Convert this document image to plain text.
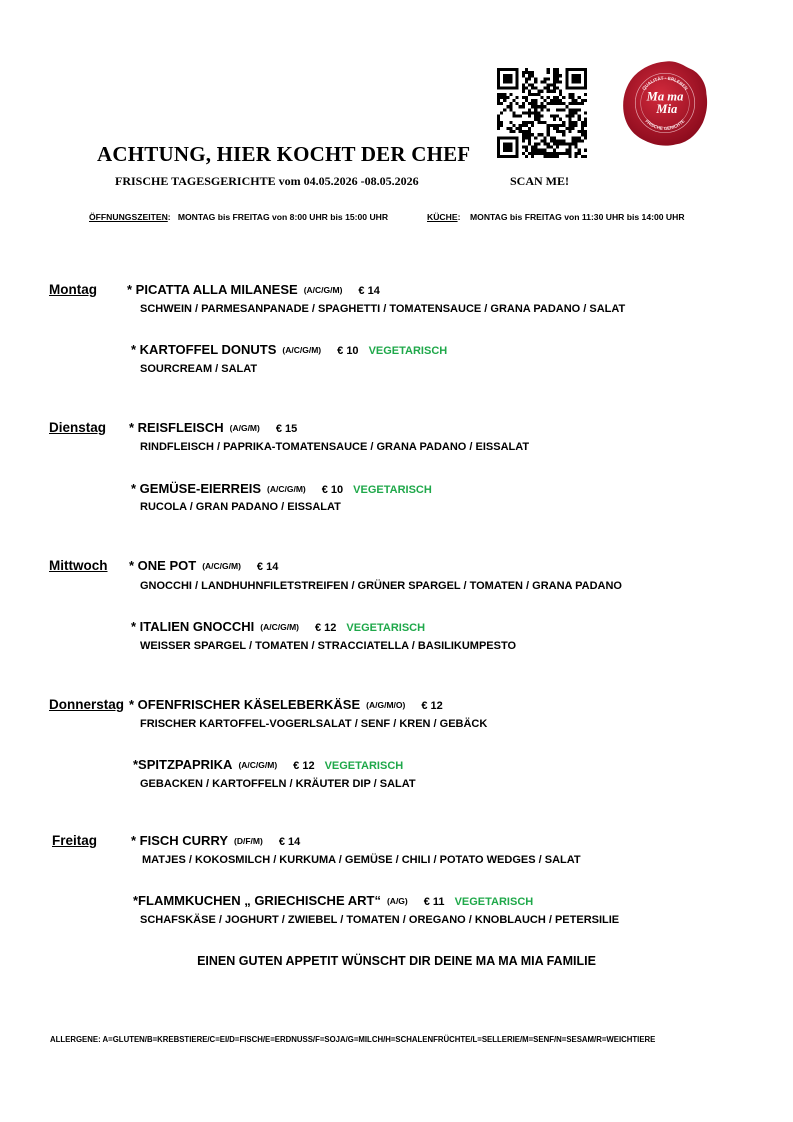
ACHTUNG, HIER KOCHT DER CHEF
FRISCHE TAGESGERICHTE vom 04.05.2026 -08.05.2026	SCAN ME!
QUALITÄT · ERLEBEN
Ma ma
Mia
FRISCHE GERICHTE
ÖFFNUNGSZEITEN:   MONTAG bis FREITAG von 8:00 UHR bis 15:00 UHR	KÜCHE:    MONTAG bis FREITAG von 11:30 UHR bis 14:00 UHR
Montag * PICATTA ALLA MILANESE (A/C/G/M) € 14
SCHWEIN / PARMESANPANADE / SPAGHETTI / TOMATENSAUCE / GRANA PADANO / SALAT
* KARTOFFEL DONUTS (A/C/G/M) € 10 VEGETARISCH
SOURCREAM / SALAT
Dienstag * REISFLEISCH (A/G/M) € 15
RINDFLEISCH / PAPRIKA-TOMATENSAUCE / GRANA PADANO / EISSALAT
* GEMÜSE-EIERREIS (A/C/G/M) € 10 VEGETARISCH
RUCOLA / GRAN PADANO / EISSALAT
Mittwoch * ONE POT (A/C/G/M) € 14
GNOCCHI / LANDHUHNFILETSTREIFEN / GRÜNER SPARGEL / TOMATEN / GRANA PADANO
* ITALIEN GNOCCHI (A/C/G/M) € 12 VEGETARISCH
WEISSER SPARGEL / TOMATEN / STRACCIATELLA / BASILIKUMPESTO
Donnerstag * OFENFRISCHER KÄSELEBERKÄSE (A/G/M/O) € 12
FRISCHER KARTOFFEL-VOGERLSALAT / SENF / KREN / GEBÄCK
*SPITZPAPRIKA (A/C/G/M) € 12 VEGETARISCH
GEBACKEN / KARTOFFELN / KRÄUTER DIP / SALAT
Freitag	* FISCH CURRY (D/F/M) € 14
MATJES / KOKOSMILCH / KURKUMA / GEMÜSE / CHILI / POTATO WEDGES / SALAT
*FLAMMKUCHEN „ GRIECHISCHE ART“ (A/G) € 11 VEGETARISCH
SCHAFSKÄSE / JOGHURT / ZWIEBEL / TOMATEN / OREGANO / KNOBLAUCH / PETERSILIE
EINEN GUTEN APPETIT WÜNSCHT DIR DEINE MA MA MIA FAMILIE
ALLERGENE: A=GLUTEN/B=KREBSTIERE/C=EI/D=FISCH/E=ERDNUSS/F=SOJA/G=MILCH/H=SCHALENFRÜCHTE/L=SELLERIE/M=SENF/N=SESAM/R=WEICHTIERE
